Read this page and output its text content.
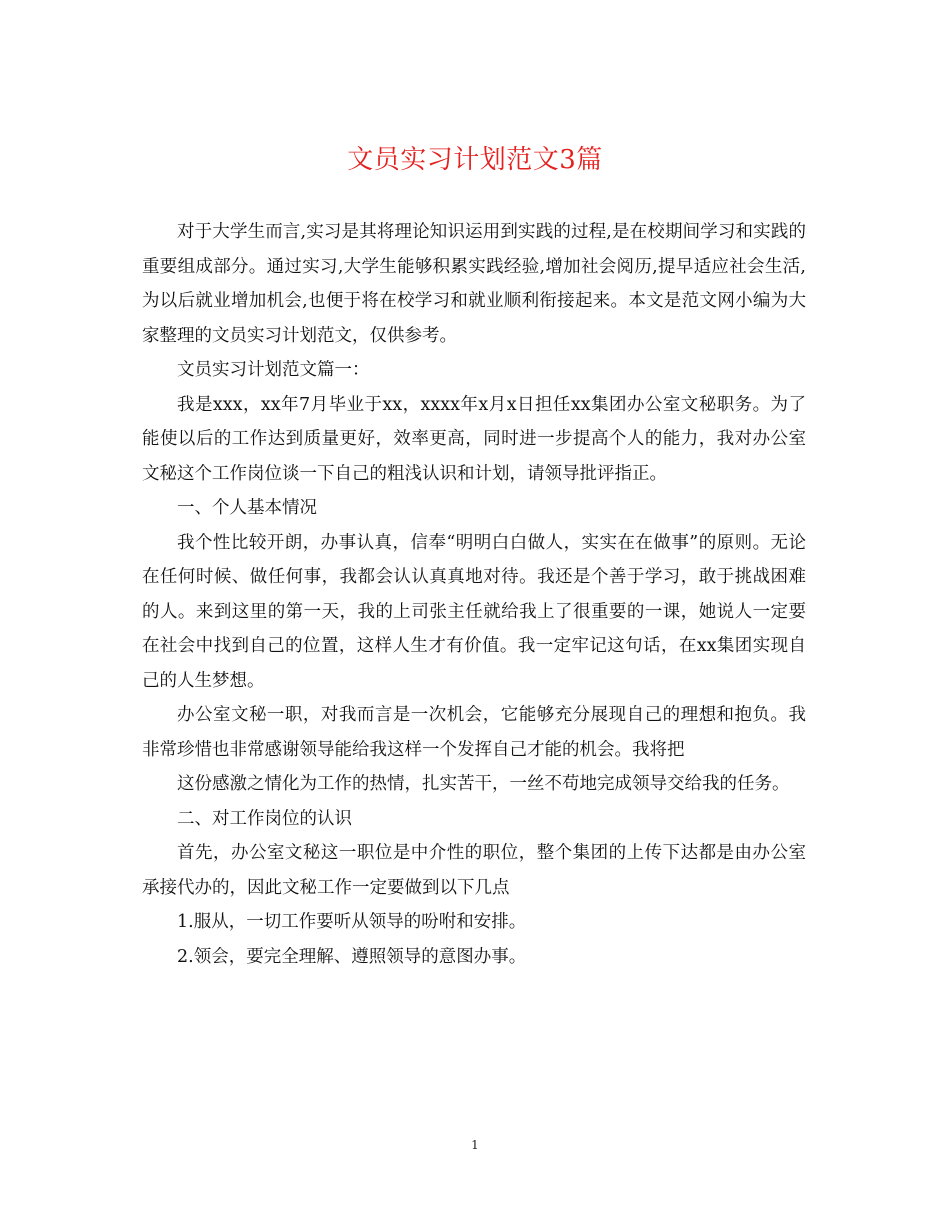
文员实习计划范文3篇

对于大学生而言,实习是其将理论知识运用到实践的过程,是在校期间学习和实践的重要组成部分。通过实习,大学生能够积累实践经验,增加社会阅历,提早适应社会生活,为以后就业增加机会,也便于将在校学习和就业顺利衔接起来。本文是范文网小编为大家整理的文员实习计划范文，仅供参考。

文员实习计划范文篇一：

我是xxx，xx年7月毕业于xx，xxxx年x月x日担任xx集团办公室文秘职务。为了能使以后的工作达到质量更好，效率更高，同时进一步提高个人的能力，我对办公室文秘这个工作岗位谈一下自己的粗浅认识和计划，请领导批评指正。

一、个人基本情况

我个性比较开朗，办事认真，信奉“明明白白做人，实实在在做事”的原则。无论在任何时候、做任何事，我都会认认真真地对待。我还是个善于学习，敢于挑战困难的人。来到这里的第一天，我的上司张主任就给我上了很重要的一课，她说人一定要在社会中找到自己的位置，这样人生才有价值。我一定牢记这句话，在xx集团实现自己的人生梦想。

办公室文秘一职，对我而言是一次机会，它能够充分展现自己的理想和抱负。我非常珍惜也非常感谢领导能给我这样一个发挥自己才能的机会。我将把

这份感激之情化为工作的热情，扎实苦干，一丝不苟地完成领导交给我的任务。

二、对工作岗位的认识

首先，办公室文秘这一职位是中介性的职位，整个集团的上传下达都是由办公室承接代办的，因此文秘工作一定要做到以下几点

1.服从，一切工作要听从领导的吩咐和安排。

2.领会，要完全理解、遵照领导的意图办事。

1
